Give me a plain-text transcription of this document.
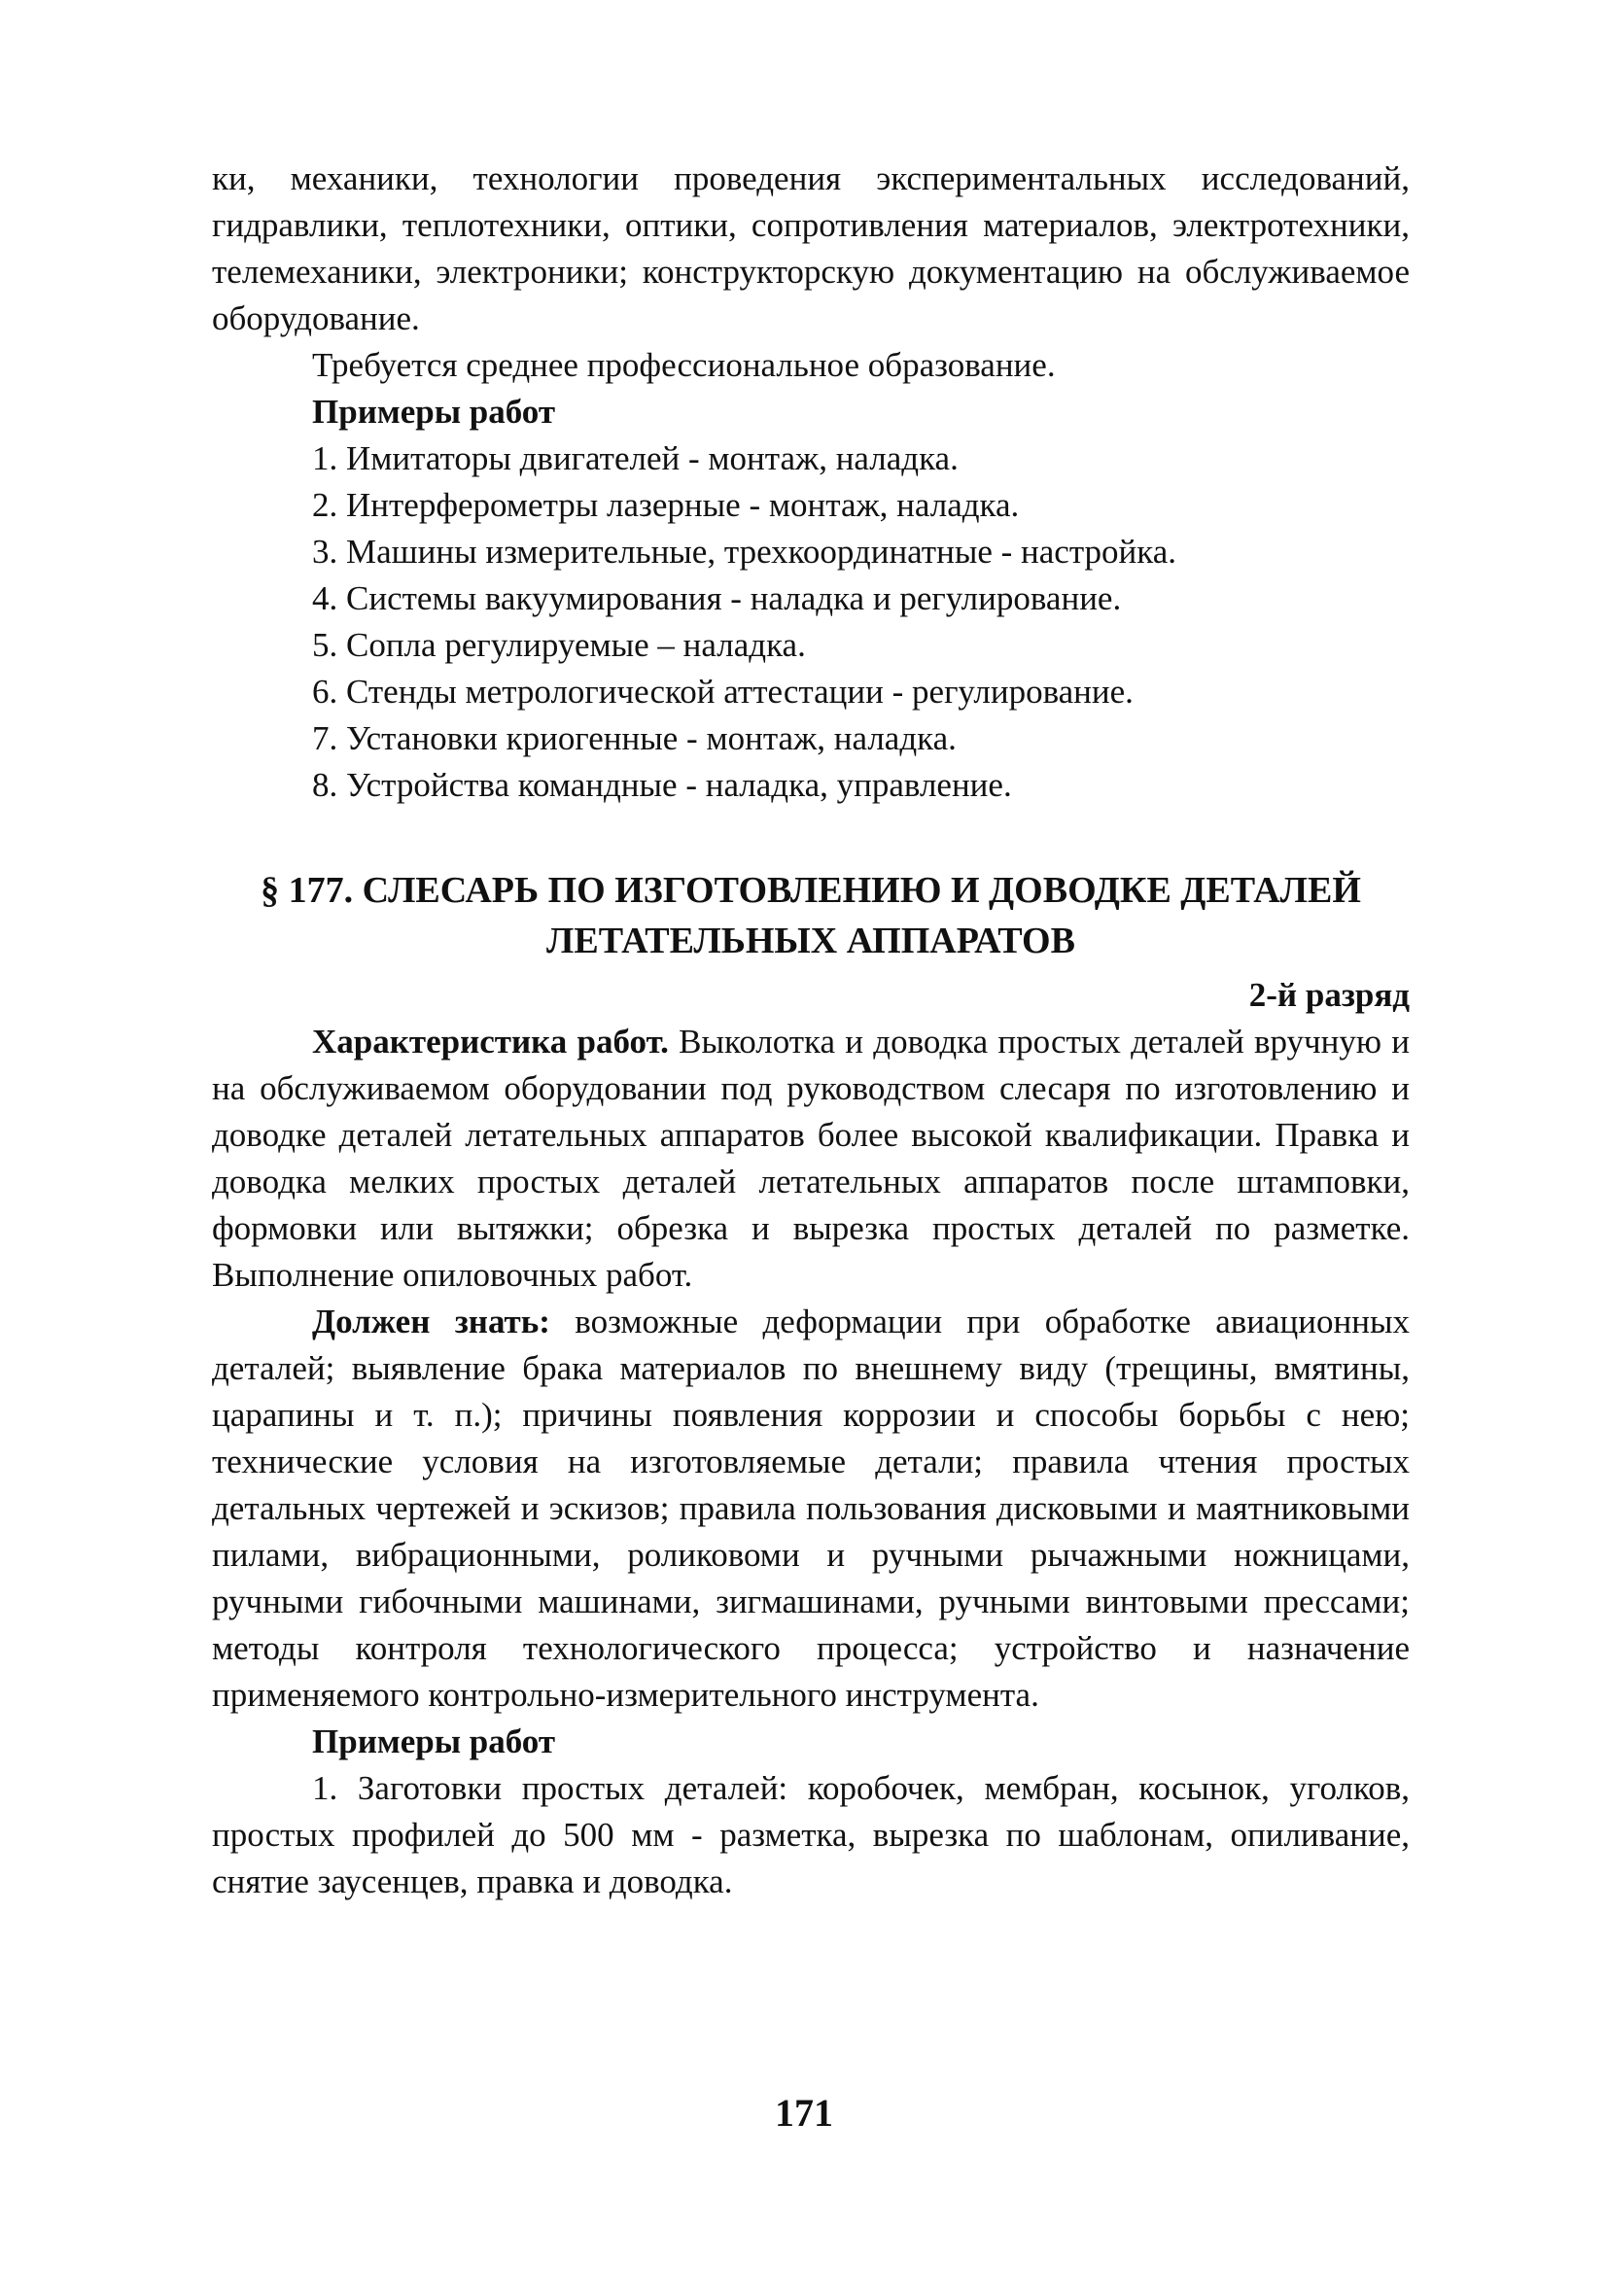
ки, механики, технологии проведения экспериментальных исследований, гидравлики, теплотехники, оптики, сопротивления материалов, электротехники, телемеханики, электроники; конструкторскую документацию на обслуживаемое оборудование.

Требуется среднее профессиональное образование.

Примеры работ

1. Имитаторы двигателей - монтаж, наладка.
2. Интерферометры лазерные - монтаж, наладка.
3. Машины измерительные, трехкоординатные - настройка.
4. Системы вакуумирования - наладка и регулирование.
5. Сопла регулируемые – наладка.
6. Стенды метрологической аттестации - регулирование.
7. Установки криогенные - монтаж, наладка.
8. Устройства командные - наладка, управление.

§ 177. СЛЕСАРЬ ПО ИЗГОТОВЛЕНИЮ И ДОВОДКЕ ДЕТАЛЕЙ
ЛЕТАТЕЛЬНЫХ АППАРАТОВ

2-й разряд

Характеристика работ. Выколотка и доводка простых деталей вручную и на обслуживаемом оборудовании под руководством слесаря по изготовлению и доводке деталей летательных аппаратов более высокой квалификации. Правка и доводка мелких простых деталей летательных аппаратов после штамповки, формовки или вытяжки; обрезка и вырезка простых деталей по разметке. Выполнение опиловочных работ.

Должен знать: возможные деформации при обработке авиационных деталей; выявление брака материалов по внешнему виду (трещины, вмятины, царапины и т. п.); причины появления коррозии и способы борьбы с нею; технические условия на изготовляемые детали; правила чтения простых детальных чертежей и эскизов; правила пользования дисковыми и маятниковыми пилами, вибрационными, роликовоми и ручными рычажными ножницами, ручными гибочными машинами, зигмашинами, ручными винтовыми прессами; методы контроля технологического процесса; устройство и назначение применяемого контрольно-измерительного инструмента.

Примеры работ

1. Заготовки простых деталей: коробочек, мембран, косынок, уголков, простых профилей до 500 мм - разметка, вырезка по шаблонам, опиливание, снятие заусенцев, правка и доводка.

171
